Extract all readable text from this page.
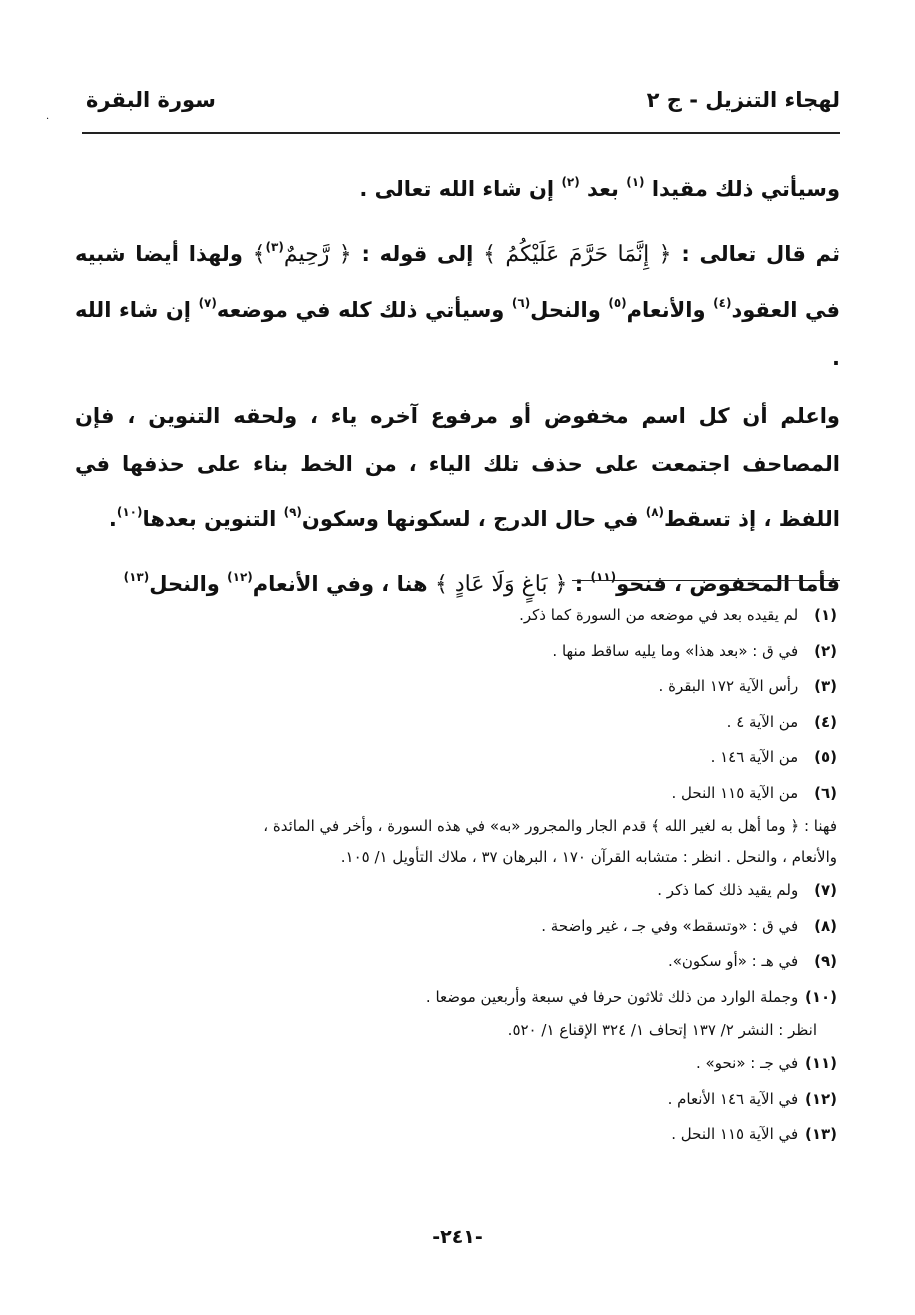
لهجاء التنزيل - ج ٢
سورة البقرة
·

وسيأتي ذلك مقيدا $^{(١)}$ بعد $^{(٢)}$ إن شاء الله تعالى .

ثم قال تعالى : ﴿ إِنَّمَا حَرَّمَ عَلَيْكُمُ ﴾ إلى قوله : ﴿ رَّحِيمٌ$^{(٣)}$﴾ ولهذا أيضا شبيه في العقود$^{(٤)}$ والأنعام$^{(٥)}$ والنحل$^{(٦)}$ وسيأتي ذلك كله في موضعه$^{(٧)}$ إن شاء الله .

واعلم أن كل اسم مخفوض أو مرفوع آخره ياء ، ولحقه التنوين ، فإن المصاحف اجتمعت على حذف تلك الياء ، من الخط بناء على حذفها في اللفظ ، إذ تسقط$^{(٨)}$ في حال الدرج ، لسكونها وسكون$^{(٩)}$ التنوين بعدها$^{(١٠)}$.

فأما المخفوض ، فنحو$^{(١١)}$ : ﴿ بَاغٍ وَلَا عَادٍ ﴾ هنا ، وفي الأنعام$^{(١٢)}$ والنحل$^{(١٣)}$

(١) لم يقيده بعد في موضعه من السورة كما ذكر.
(٢) في ق : «بعد هذا» وما يليه ساقط منها .
(٣) رأس الآية ١٧٢ البقرة .
(٤) من الآية ٤ .
(٥) من الآية ١٤٦ .
(٦) من الآية ١١٥ النحل .
فهنا : ﴿ وما أهل به لغير الله ﴾ قدم الجار والمجرور «به» في هذه السورة ، وأخر في المائدة ،
والأنعام ، والنحل . انظر : متشابه القرآن ١٧٠ ، البرهان ٣٧ ، ملاك التأويل ١/ ١٠٥.
(٧) ولم يقيد ذلك كما ذكر .
(٨) في ق : «وتسقط» وفي جـ ، غير واضحة .
(٩) في هـ : «أو سكون».
(١٠) وجملة الوارد من ذلك ثلاثون حرفا في سبعة وأربعين موضعا .
انظر : النشر ٢/ ١٣٧ إتحاف ١/ ٣٢٤ الإقناع ١/ ٥٢٠.
(١١) في جـ : «نحو» .
(١٢) في الآية ١٤٦ الأنعام .
(١٣) في الآية ١١٥ النحل .
-٢٤١-
